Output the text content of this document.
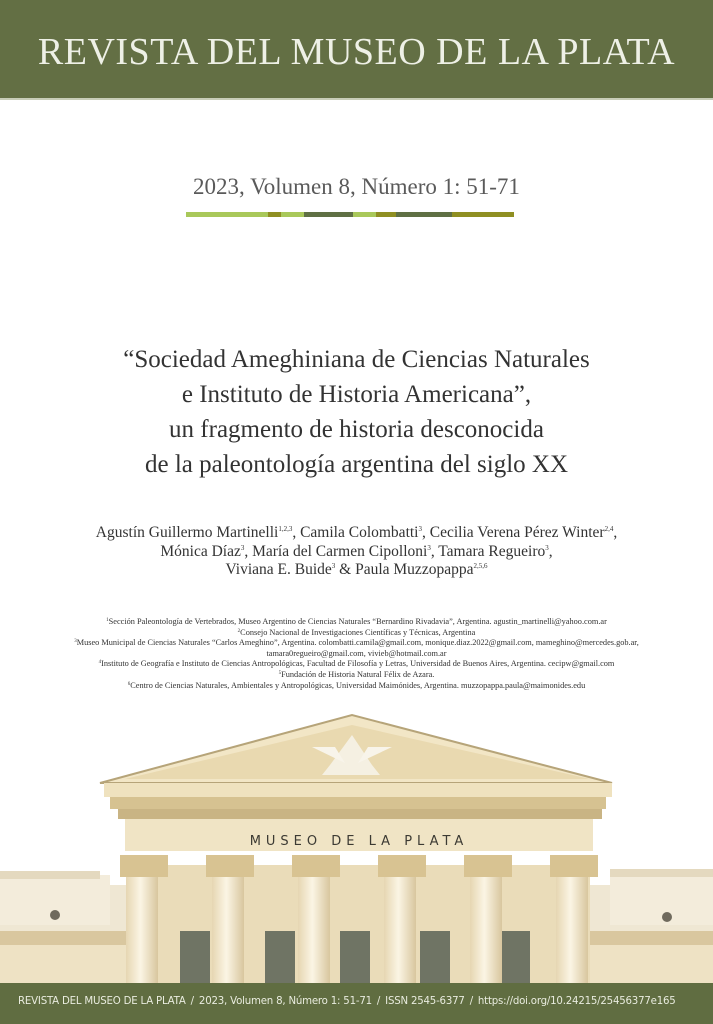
REVISTA DEL MUSEO DE LA PLATA
2023, Volumen 8, Número 1: 51-71
“Sociedad Ameghiniana de Ciencias Naturales
e Instituto de Historia Americana”,
un fragmento de historia desconocida
de la paleontología argentina del siglo XX
Agustín Guillermo Martinelli$^{1,2,3}$, Camila Colombatti$^3$, Cecilia Verena Pérez Winter$^{2,4}$,
Mónica Díaz$^3$, María del Carmen Cipolloni$^3$, Tamara Regueiro$^3$,
Viviana E. Buide$^3$ & Paula Muzzopappa$^{2,5,6}$
$^1$Sección Paleontología de Vertebrados, Museo Argentino de Ciencias Naturales “Bernardino Rivadavia”, Argentina. agustin_martinelli@yahoo.com.ar
$^2$Consejo Nacional de Investigaciones Científicas y Técnicas, Argentina
$^3$Museo Municipal de Ciencias Naturales “Carlos Ameghino”, Argentina. colombatti.camila@gmail.com, monique.diaz.2022@gmail.com, mameghino@mercedes.gob.ar,
tamara0regueiro@gmail.com, vivieb@hotmail.com.ar
$^4$Instituto de Geografía e Instituto de Ciencias Antropológicas, Facultad de Filosofía y Letras, Universidad de Buenos Aires, Argentina. cecipw@gmail.com
$^5$Fundación de Historia Natural Félix de Azara.
$^6$Centro de Ciencias Naturales, Ambientales y Antropológicas, Universidad Maimónides, Argentina. muzzopappa.paula@maimonides.edu
MUSEO DE LA PLATA
REVISTA DEL MUSEO DE LA PLATA / 2023, Volumen 8, Número 1: 51-71 / ISSN 2545-6377 / https://doi.org/10.24215/25456377e165
